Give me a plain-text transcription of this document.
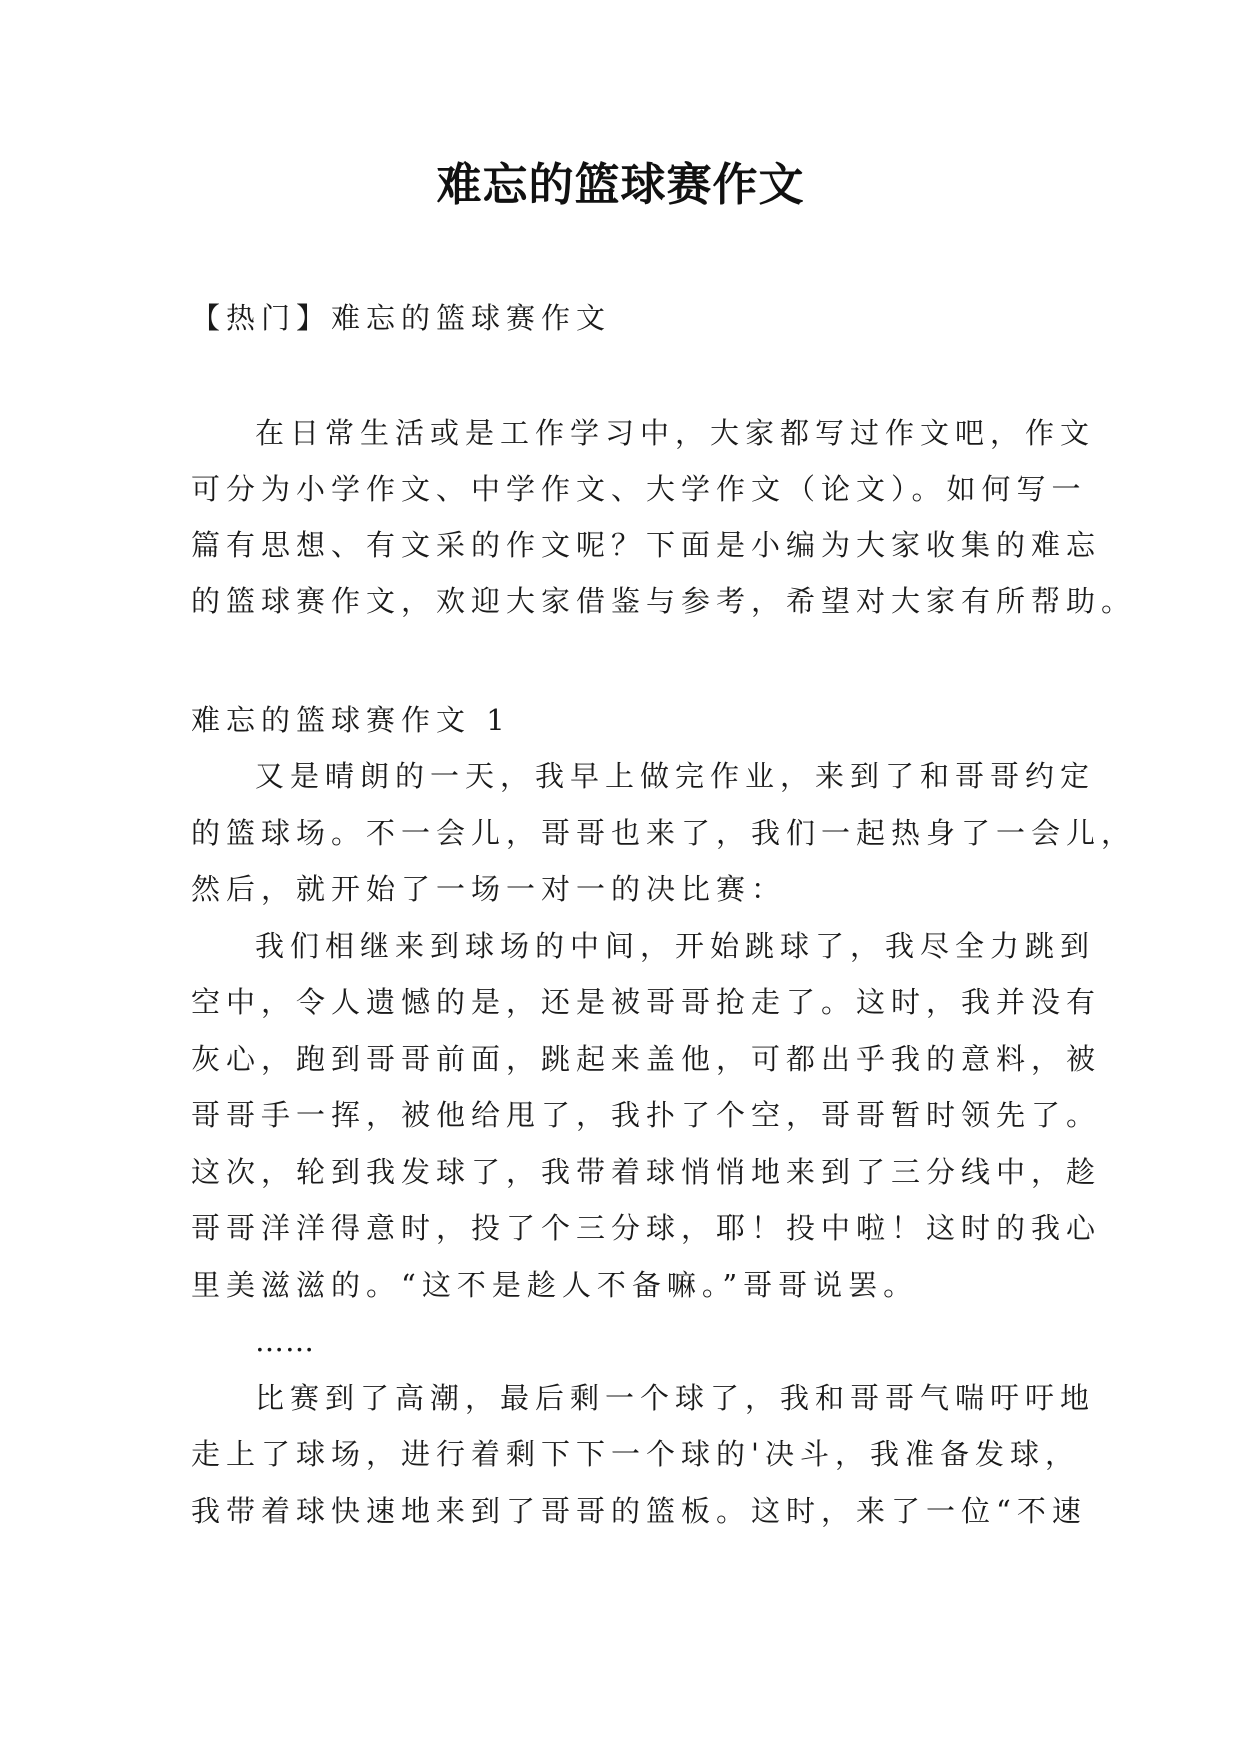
难忘的篮球赛作文
【热门】难忘的篮球赛作文
在日常生活或是工作学习中，大家都写过作文吧，作文
可分为小学作文、中学作文、大学作文（论文）。如何写一
篇有思想、有文采的作文呢？下面是小编为大家收集的难忘
的篮球赛作文，欢迎大家借鉴与参考，希望对大家有所帮助。
难忘的篮球赛作文 1
又是晴朗的一天，我早上做完作业，来到了和哥哥约定
的篮球场。不一会儿，哥哥也来了，我们一起热身了一会儿，
然后，就开始了一场一对一的决比赛：
我们相继来到球场的中间，开始跳球了，我尽全力跳到
空中，令人遗憾的是，还是被哥哥抢走了。这时，我并没有
灰心，跑到哥哥前面，跳起来盖他，可都出乎我的意料，被
哥哥手一挥，被他给甩了，我扑了个空，哥哥暂时领先了。
这次，轮到我发球了，我带着球悄悄地来到了三分线中，趁
哥哥洋洋得意时，投了个三分球，耶！投中啦！这时的我心
里美滋滋的。“这不是趁人不备嘛。”哥哥说罢。
……
比赛到了高潮，最后剩一个球了，我和哥哥气喘吁吁地
走上了球场，进行着剩下下一个球的'决斗，我准备发球，
我带着球快速地来到了哥哥的篮板。这时，来了一位“不速
